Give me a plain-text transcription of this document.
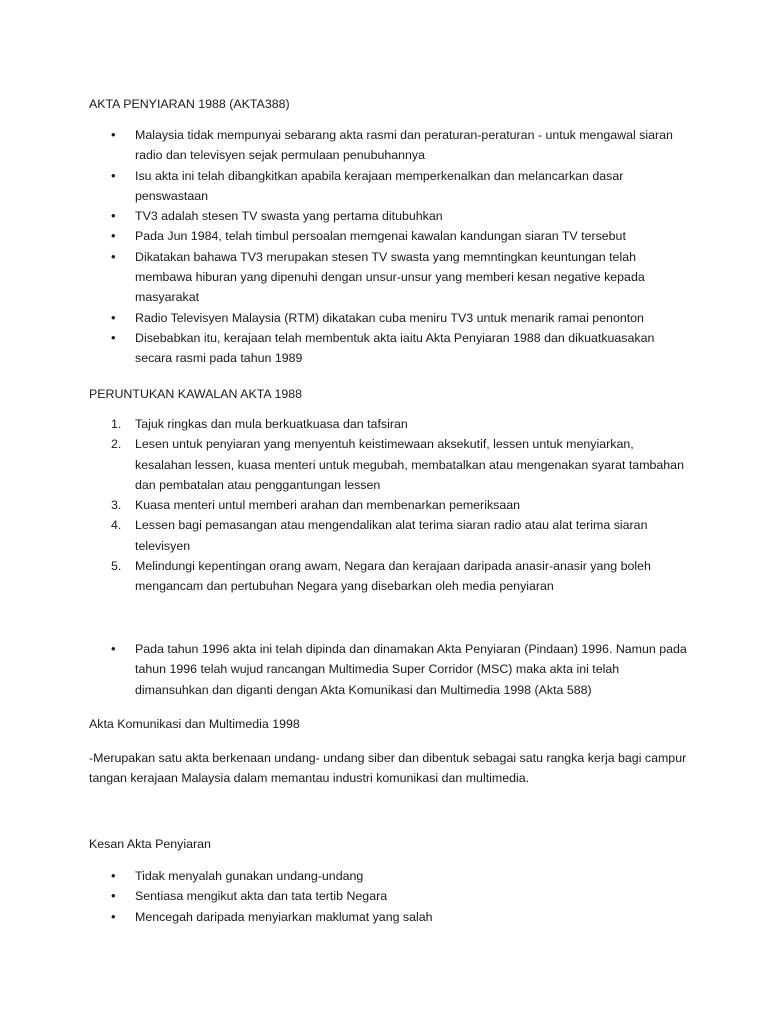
AKTA PENYIARAN 1988 (AKTA388)
• Malaysia tidak mempunyai sebarang akta rasmi dan peraturan-peraturan - untuk mengawal siaran radio dan televisyen sejak permulaan penubuhannya
• Isu akta ini telah dibangkitkan apabila kerajaan memperkenalkan dan melancarkan dasar penswastaan
• TV3 adalah stesen TV swasta yang pertama ditubuhkan
• Pada Jun 1984, telah timbul persoalan memgenai kawalan kandungan siaran TV tersebut
• Dikatakan bahawa TV3 merupakan stesen TV swasta yang memntingkan keuntungan telah membawa hiburan yang dipenuhi dengan unsur-unsur yang memberi kesan negative kepada masyarakat
• Radio Televisyen Malaysia (RTM) dikatakan cuba meniru TV3 untuk menarik ramai penonton
• Disebabkan itu, kerajaan telah membentuk akta iaitu Akta Penyiaran 1988 dan dikuatkuasakan secara rasmi pada tahun 1989
PERUNTUKAN KAWALAN AKTA 1988
1. Tajuk ringkas dan mula berkuatkuasa dan tafsiran
2. Lesen untuk penyiaran yang menyentuh keistimewaan aksekutif, lessen untuk menyiarkan, kesalahan lessen, kuasa menteri untuk megubah, membatalkan atau mengenakan syarat tambahan dan pembatalan atau penggantungan lessen
3. Kuasa menteri untul memberi arahan dan membenarkan pemeriksaan
4. Lessen bagi pemasangan atau mengendalikan alat terima siaran radio atau alat terima siaran televisyen
5. Melindungi kepentingan orang awam, Negara dan kerajaan daripada anasir-anasir yang boleh mengancam dan pertubuhan Negara yang disebarkan oleh media penyiaran
• Pada tahun 1996 akta ini telah dipinda dan dinamakan Akta Penyiaran (Pindaan) 1996. Namun pada tahun 1996 telah wujud rancangan Multimedia Super Corridor (MSC) maka akta ini telah dimansuhkan dan diganti dengan Akta Komunikasi dan Multimedia 1998 (Akta 588)
Akta Komunikasi dan Multimedia 1998

-Merupakan satu akta berkenaan undang- undang siber dan dibentuk sebagai satu rangka kerja bagi campur tangan kerajaan Malaysia dalam memantau industri komunikasi dan multimedia.

Kesan Akta Penyiaran
• Tidak menyalah gunakan undang-undang
• Sentiasa mengikut akta dan tata tertib Negara
• Mencegah daripada menyiarkan maklumat yang salah
